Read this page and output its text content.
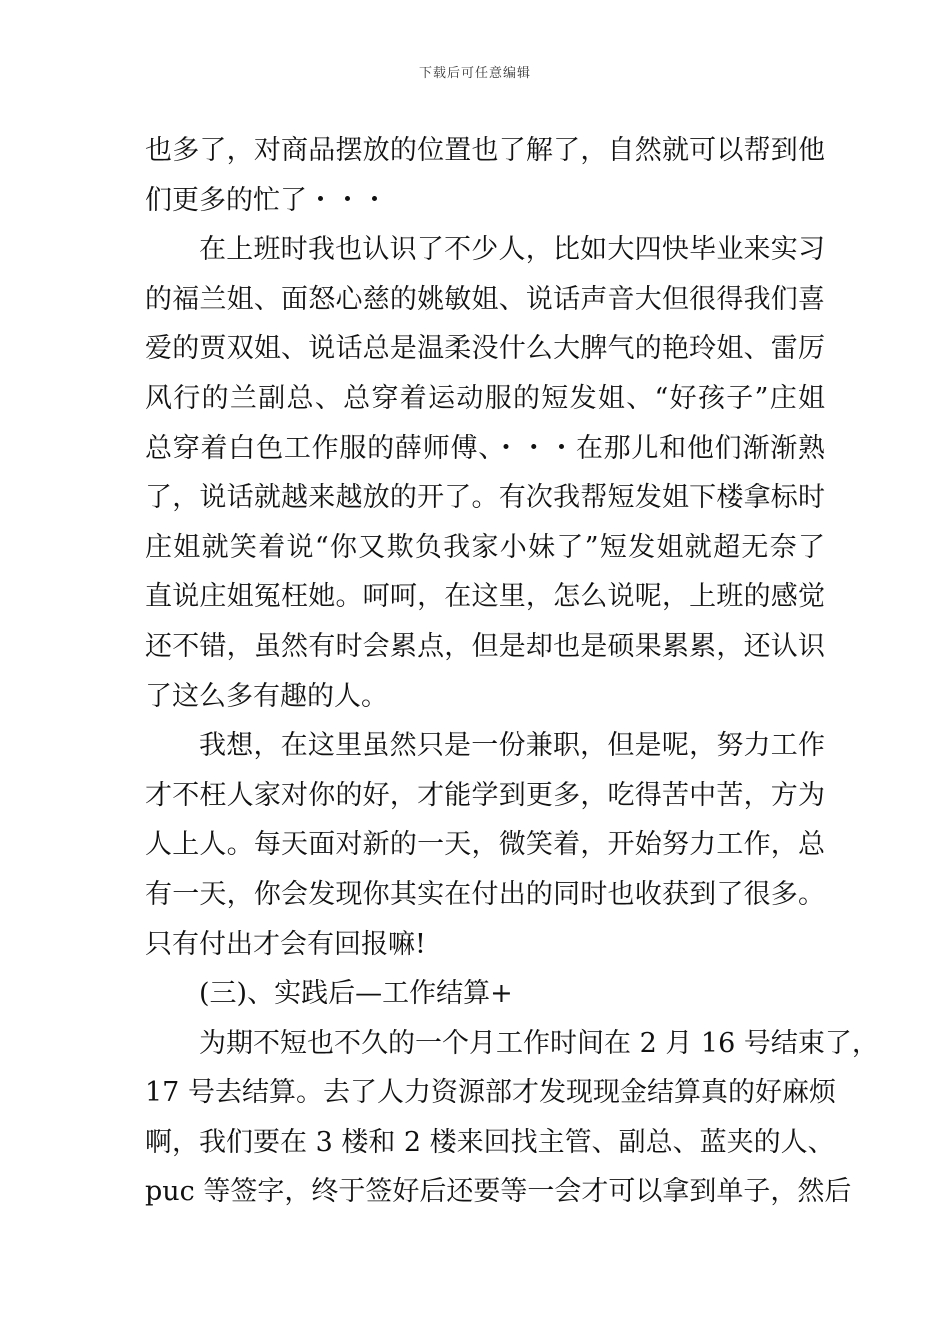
下载后可任意编辑
也多了，对商品摆放的位置也了解了，自然就可以帮到他
们更多的忙了・・・
在上班时我也认识了不少人，比如大四快毕业来实习
的福兰姐、面怒心慈的姚敏姐、说话声音大但很得我们喜
爱的贾双姐、说话总是温柔没什么大脾气的艳玲姐、雷厉
风行的兰副总、总穿着运动服的短发姐、“好孩子”庄姐
总穿着白色工作服的薛师傅、・・・在那儿和他们渐渐熟
了，说话就越来越放的开了。有次我帮短发姐下楼拿标时
庄姐就笑着说“你又欺负我家小妹了”短发姐就超无奈了
直说庄姐冤枉她。呵呵，在这里，怎么说呢，上班的感觉
还不错，虽然有时会累点，但是却也是硕果累累，还认识
了这么多有趣的人。
我想，在这里虽然只是一份兼职，但是呢，努力工作
才不枉人家对你的好，才能学到更多，吃得苦中苦，方为
人上人。每天面对新的一天，微笑着，开始努力工作，总
有一天，你会发现你其实在付出的同时也收获到了很多。
只有付出才会有回报嘛!
(三)、实践后—工作结算+
为期不短也不久的一个月工作时间在 2 月 16 号结束了，
17 号去结算。去了人力资源部才发现现金结算真的好麻烦
啊，我们要在 3 楼和 2 楼来回找主管、副总、蓝夹的人、
puc 等签字，终于签好后还要等一会才可以拿到单子，然后
